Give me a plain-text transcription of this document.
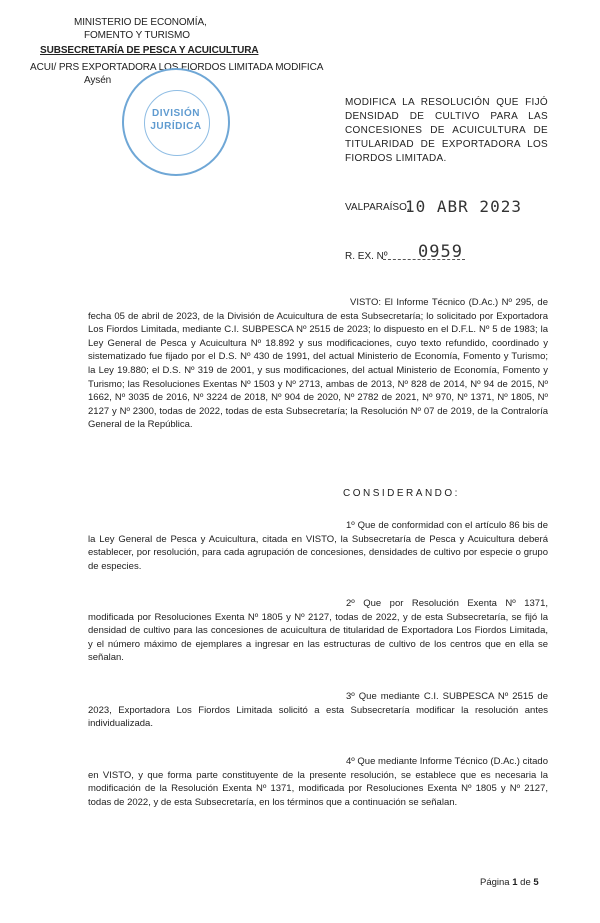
MINISTERIO DE ECONOMÍA,
FOMENTO Y TURISMO
SUBSECRETARÍA DE PESCA Y ACUICULTURA
ACUI/ PRS EXPORTADORA LOS FIORDOS LIMITADA MODIFICA
Aysén
DIVISIÓN
JURÍDICA
MODIFICA LA RESOLUCIÓN QUE FIJÓ DENSIDAD DE CULTIVO PARA LAS CONCESIONES DE ACUICULTURA DE TITULARIDAD DE EXPORTADORA LOS FIORDOS LIMITADA.
VALPARAÍSO,
10 ABR 2023
R. EX. Nº 0959
VISTO: El Informe Técnico (D.Ac.) Nº 295, de fecha 05 de abril de 2023, de la División de Acuicultura de esta Subsecretaría; lo solicitado por Exportadora Los Fiordos Limitada, mediante C.I. SUBPESCA Nº 2515 de 2023; lo dispuesto en el D.F.L. Nº 5 de 1983; la Ley General de Pesca y Acuicultura Nº 18.892 y sus modificaciones, cuyo texto refundido, coordinado y sistematizado fue fijado por el D.S. Nº 430 de 1991, del actual Ministerio de Economía, Fomento y Turismo; la Ley 19.880; el D.S. Nº 319 de 2001, y sus modificaciones, del actual Ministerio de Economía, Fomento y Turismo; las Resoluciones Exentas Nº 1503 y Nº 2713, ambas de 2013, Nº 828 de 2014, Nº 94 de 2015, Nº 1662, Nº 3035 de 2016, Nº 3224 de 2018, Nº 904 de 2020, Nº 2782 de 2021, Nº 970, Nº 1371, Nº 1805, Nº 2127 y Nº 2300, todas de 2022, todas de esta Subsecretaría; la Resolución Nº 07 de 2019, de la Contraloría General de la República.
CONSIDERANDO:
1º Que de conformidad con el artículo 86 bis de la Ley General de Pesca y Acuicultura, citada en VISTO, la Subsecretaría de Pesca y Acuicultura deberá establecer, por resolución, para cada agrupación de concesiones, densidades de cultivo por especie o grupo de especies.
2º Que por Resolución Exenta Nº 1371, modificada por Resoluciones Exenta Nº 1805 y Nº 2127, todas de 2022, y de esta Subsecretaría, se fijó la densidad de cultivo para las concesiones de acuicultura de titularidad de Exportadora Los Fiordos Limitada, y el número máximo de ejemplares a ingresar en las estructuras de cultivo de los centros que en ella se señalan.
3º Que mediante C.I. SUBPESCA Nº 2515 de 2023, Exportadora Los Fiordos Limitada solicitó a esta Subsecretaría modificar la resolución antes individualizada.
4º Que mediante Informe Técnico (D.Ac.) citado en VISTO, y que forma parte constituyente de la presente resolución, se establece que es necesaria la modificación de la Resolución Exenta Nº 1371, modificada por Resoluciones Exenta Nº 1805 y Nº 2127, todas de 2022, y de esta Subsecretaría, en los términos que a continuación se señalan.
Página 1 de 5
